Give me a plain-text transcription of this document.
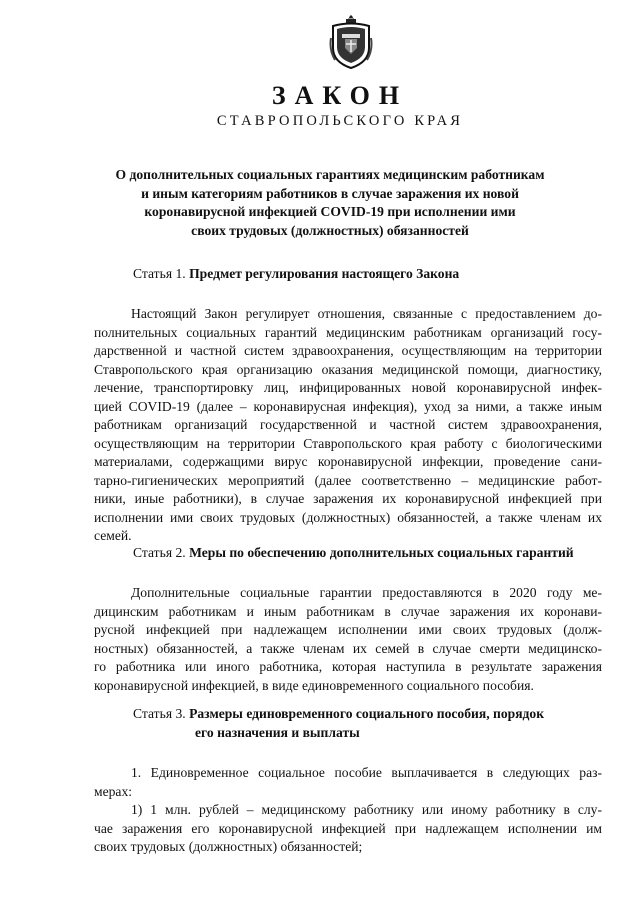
ЗАКОН
СТАВРОПОЛЬСКОГО КРАЯ
О дополнительных социальных гарантиях медицинским работникам
и иным категориям работников в случае заражения их новой
коронавирусной инфекцией COVID-19 при исполнении ими
своих трудовых (должностных) обязанностей
Статья 1. Предмет регулирования настоящего Закона
Настоящий Закон регулирует отношения, связанные с предоставлением до-
полнительных социальных гарантий медицинским работникам организаций госу-
дарственной и частной систем здравоохранения, осуществляющим на территории
Ставропольского края организацию оказания медицинской помощи, диагностику,
лечение, транспортировку лиц, инфицированных новой коронавирусной инфек-
цией COVID-19 (далее – коронавирусная инфекция), уход за ними, а также иным
работникам организаций государственной и частной систем здравоохранения,
осуществляющим на территории Ставропольского края работу с биологическими
материалами, содержащими вирус коронавирусной инфекции, проведение сани-
тарно-гигиенических мероприятий (далее соответственно – медицинские работ-
ники, иные работники), в случае заражения их коронавирусной инфекцией при
исполнении ими своих трудовых (должностных) обязанностей, а также членам их
семей.
Статья 2. Меры по обеспечению дополнительных социальных гарантий
Дополнительные социальные гарантии предоставляются в 2020 году ме-
дицинским работникам и иным работникам в случае заражения их коронави-
русной инфекцией при надлежащем исполнении ими своих трудовых (долж-
ностных) обязанностей, а также членам их семей в случае смерти медицинско-
го работника или иного работника, которая наступила в результате заражения
коронавирусной инфекцией, в виде единовременного социального пособия.
Статья 3. Размеры единовременного социального пособия, порядок
его назначения и выплаты
1. Единовременное социальное пособие выплачивается в следующих раз-
мерах:
1) 1 млн. рублей – медицинскому работнику или иному работнику в слу-
чае заражения его коронавирусной инфекцией при надлежащем исполнении им
своих трудовых (должностных) обязанностей;
